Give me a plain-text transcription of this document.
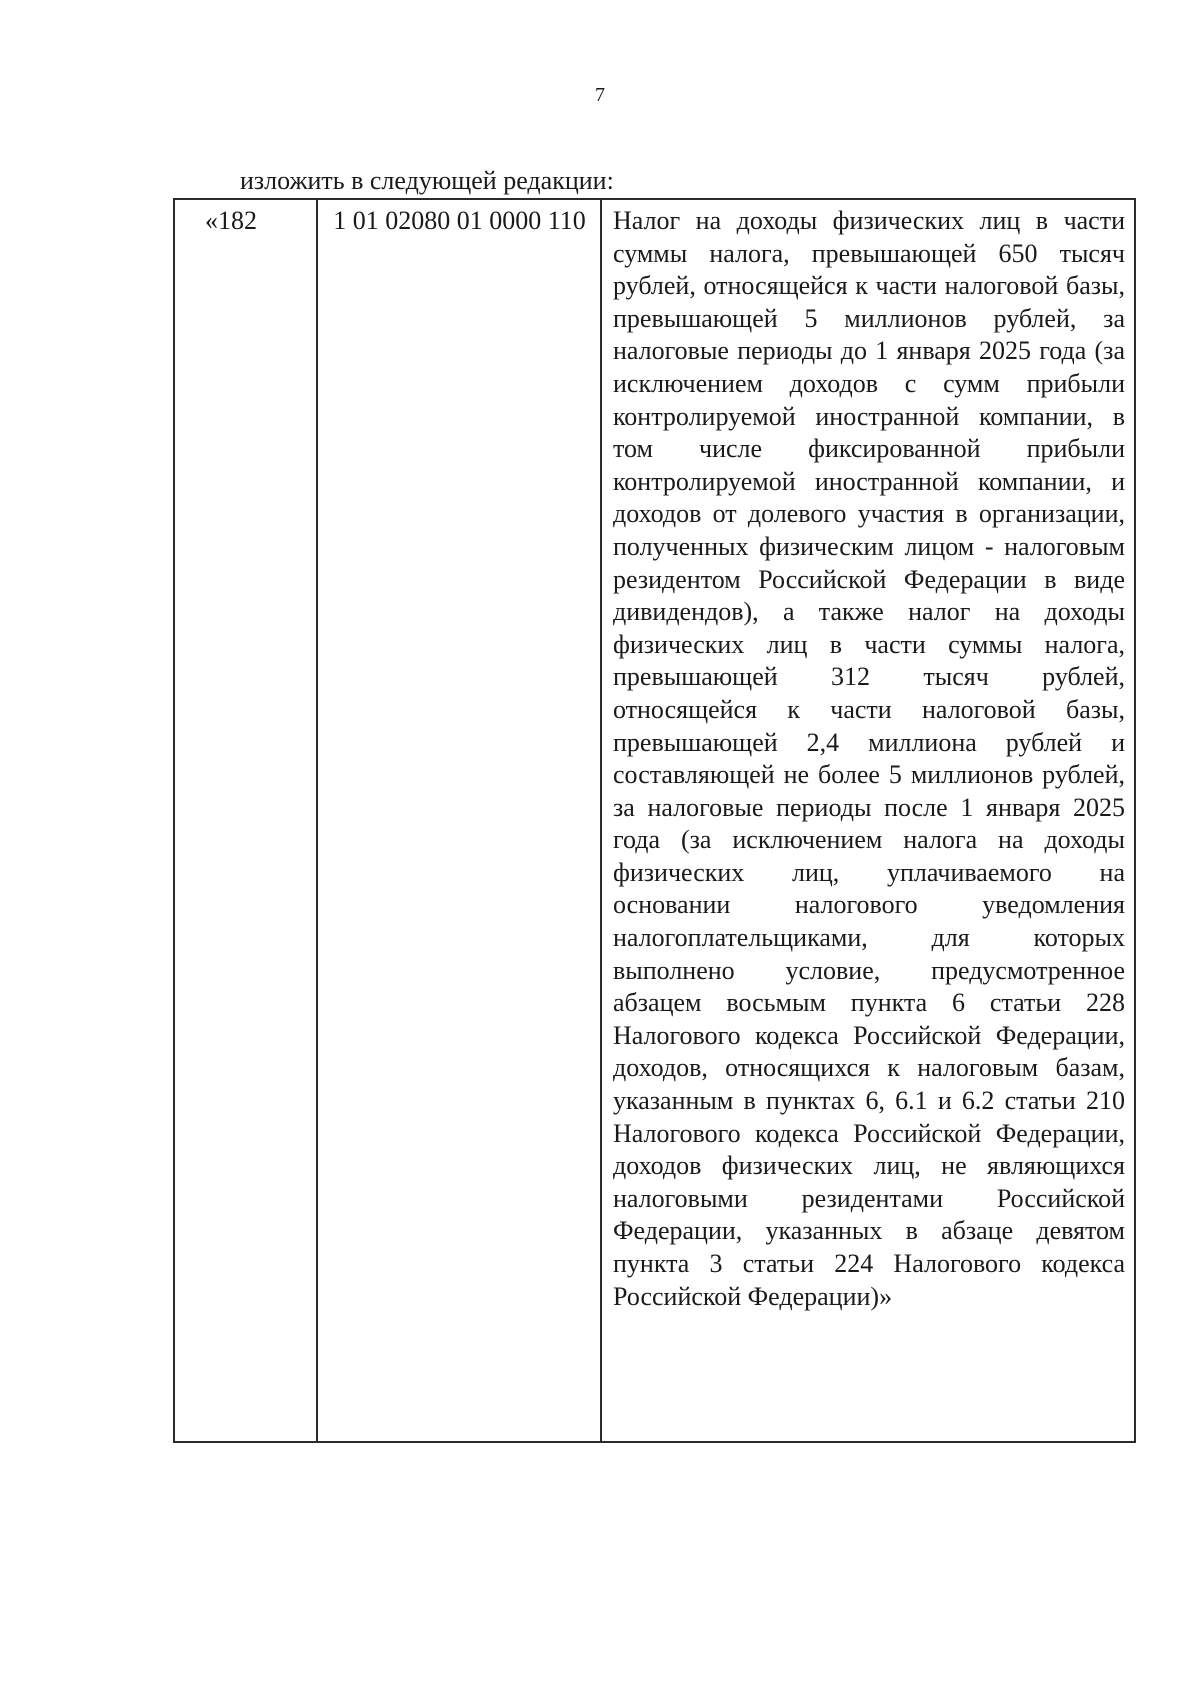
7
изложить в следующей редакции:
«182	1 01 02080 01 0000 110	Налог на доходы физических лиц в части суммы налога, превышающей 650 тысяч рублей, относящейся к части налоговой базы, превышающей 5 миллионов рублей, за налоговые периоды до 1 января 2025 года (за исключением доходов с сумм прибыли контролируемой иностранной компании, в том числе фиксированной прибыли контролируемой иностранной компании, и доходов от долевого участия в организации, полученных физическим лицом - налоговым резидентом Российской Федерации в виде дивидендов), а также налог на доходы физических лиц в части суммы налога, превышающей 312 тысяч рублей, относящейся к части налоговой базы, превышающей 2,4 миллиона рублей и составляющей не более 5 миллионов рублей, за налоговые периоды после 1 января 2025 года (за исключением налога на доходы физических лиц, уплачиваемого на основании налогового уведомления налогоплательщиками, для которых выполнено условие, предусмотренное абзацем восьмым пункта 6 статьи 228 Налогового кодекса Российской Федерации, доходов, относящихся к налоговым базам, указанным в пунктах 6, 6.1 и 6.2 статьи 210 Налогового кодекса Российской Федерации, доходов физических лиц, не являющихся налоговыми резидентами Российской Федерации, указанных в абзаце девятом пункта 3 статьи 224 Налогового кодекса Российской Федерации)»
